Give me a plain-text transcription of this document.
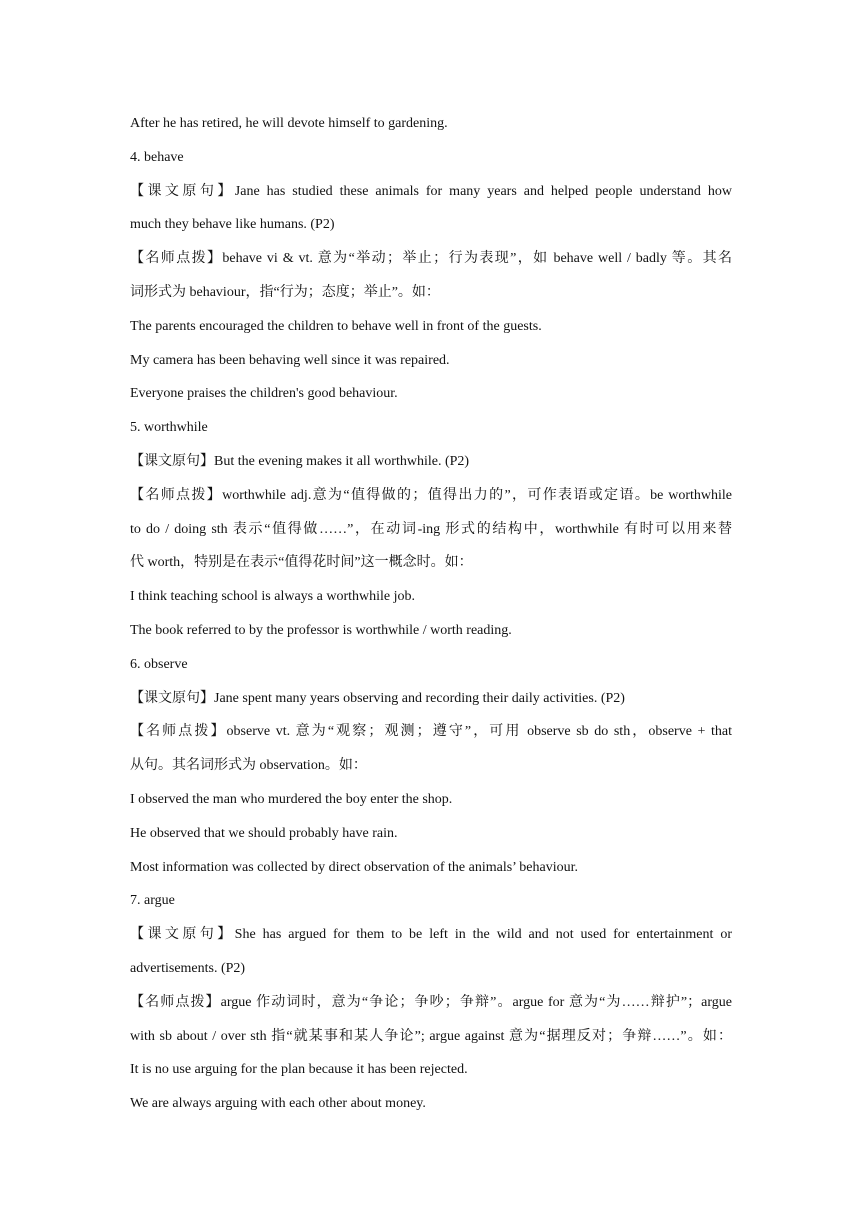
After he has retired, he will devote himself to gardening.

4. behave

【课文原句】Jane has studied these animals for many years and helped people understand how

much they behave like humans. (P2)

【名师点拨】behave vi & vt. 意为“举动；举止；行为表现”，如 behave well / badly 等。其名

词形式为 behaviour，指“行为；态度；举止”。如：

The parents encouraged the children to behave well in front of the guests.

My camera has been behaving well since it was repaired.

Everyone praises the children's good behaviour.

5. worthwhile

【课文原句】But the evening makes it all worthwhile. (P2)

【名师点拨】worthwhile adj.意为“值得做的；值得出力的”，可作表语或定语。be worthwhile

to do / doing sth 表示“值得做……”，在动词-ing 形式的结构中，worthwhile 有时可以用来替

代 worth，特别是在表示“值得花时间”这一概念时。如：

I think teaching school is always a worthwhile job.

The book referred to by the professor is worthwhile / worth reading.

6. observe

【课文原句】Jane spent many years observing and recording their daily activities. (P2)

【名师点拨】observe vt. 意为“观察；观测；遵守”，可用 observe sb do sth，observe + that

从句。其名词形式为 observation。如：

I observed the man who murdered the boy enter the shop.

He observed that we should probably have rain.

Most information was collected by direct observation of the animals’ behaviour.

7. argue

【课文原句】She has argued for them to be left in the wild and not used for entertainment or

advertisements. (P2)

【名师点拨】argue 作动词时，意为“争论；争吵；争辩”。argue for 意为“为……辩护”；argue

with sb about / over sth 指“就某事和某人争论”; argue against 意为“据理反对；争辩……”。如：

It is no use arguing for the plan because it has been rejected.

We are always arguing with each other about money.
